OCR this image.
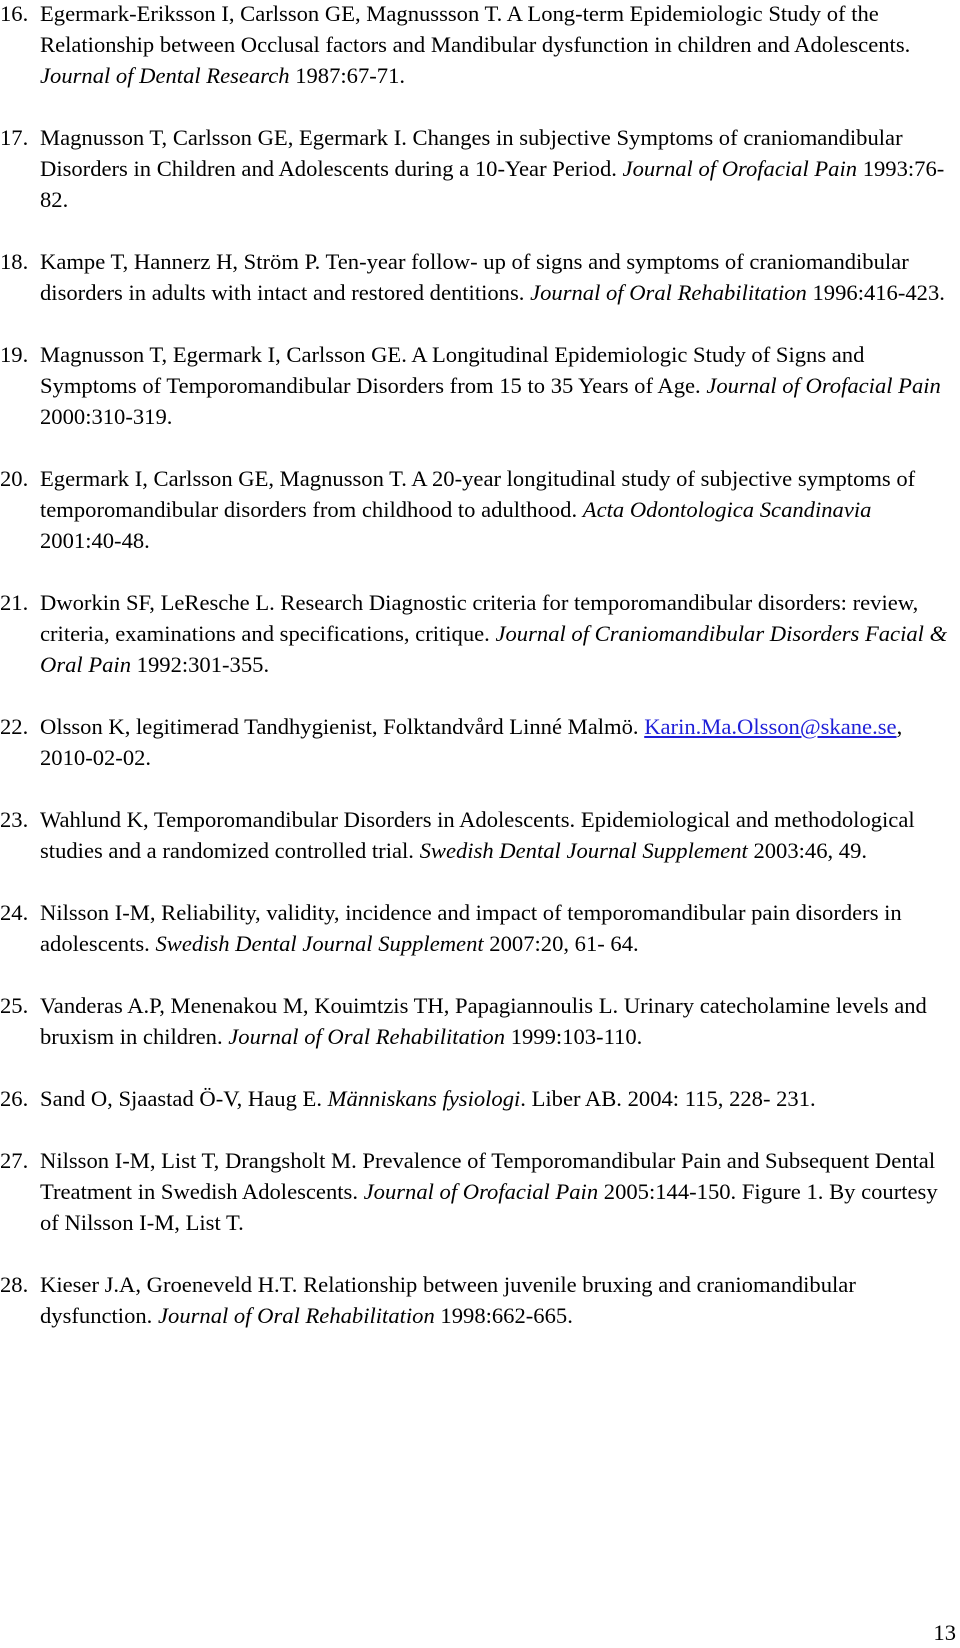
16. Egermark-Eriksson I, Carlsson GE, Magnussson T. A Long-term Epidemiologic Study of the Relationship between Occlusal factors and Mandibular dysfunction in children and Adolescents. Journal of Dental Research 1987:67-71.
17. Magnusson T, Carlsson GE, Egermark I. Changes in subjective Symptoms of craniomandibular Disorders in Children and Adolescents during a 10-Year Period. Journal of Orofacial Pain 1993:76-82.
18. Kampe T, Hannerz H, Ström P. Ten-year follow- up of signs and symptoms of craniomandibular disorders in adults with intact and restored dentitions. Journal of Oral Rehabilitation 1996:416-423.
19. Magnusson T, Egermark I, Carlsson GE. A Longitudinal Epidemiologic Study of Signs and Symptoms of Temporomandibular Disorders from 15 to 35 Years of Age. Journal of Orofacial Pain 2000:310-319.
20. Egermark I, Carlsson GE, Magnusson T. A 20-year longitudinal study of subjective symptoms of temporomandibular disorders from childhood to adulthood. Acta Odontologica Scandinavia 2001:40-48.
21. Dworkin SF, LeResche L. Research Diagnostic criteria for temporomandibular disorders: review, criteria, examinations and specifications, critique. Journal of Craniomandibular Disorders Facial & Oral Pain 1992:301-355.
22. Olsson K, legitimerad Tandhygienist, Folktandvård Linné Malmö. Karin.Ma.Olsson@skane.se, 2010-02-02.
23. Wahlund K, Temporomandibular Disorders in Adolescents. Epidemiological and methodological studies and a randomized controlled trial. Swedish Dental Journal Supplement 2003:46, 49.
24. Nilsson I-M, Reliability, validity, incidence and impact of temporomandibular pain disorders in adolescents. Swedish Dental Journal Supplement 2007:20, 61- 64.
25. Vanderas A.P, Menenakou M, Kouimtzis TH, Papagiannoulis L. Urinary catecholamine levels and bruxism in children. Journal of Oral Rehabilitation 1999:103-110.
26. Sand O, Sjaastad Ö-V, Haug E. Människans fysiologi. Liber AB. 2004: 115, 228- 231.
27. Nilsson I-M, List T, Drangsholt M. Prevalence of Temporomandibular Pain and Subsequent Dental Treatment in Swedish Adolescents. Journal of Orofacial Pain 2005:144-150. Figure 1. By courtesy of Nilsson I-M, List T.
28. Kieser J.A, Groeneveld H.T. Relationship between juvenile bruxing and craniomandibular dysfunction. Journal of Oral Rehabilitation 1998:662-665.
13
